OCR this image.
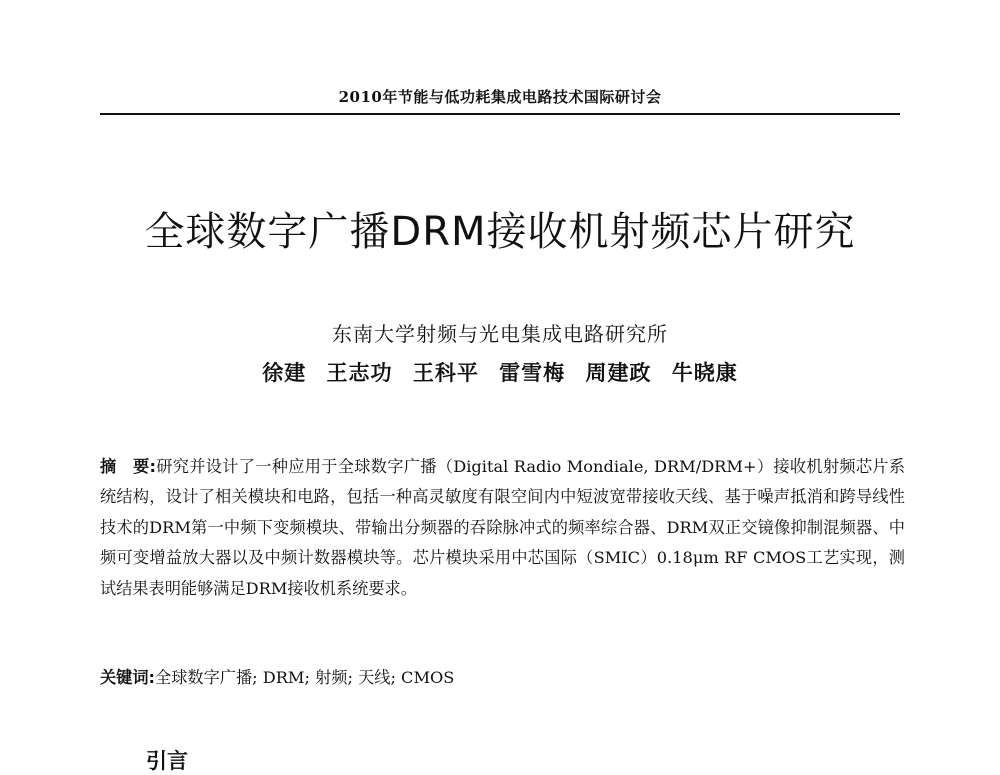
2010年节能与低功耗集成电路技术国际研讨会
全球数字广播DRM接收机射频芯片研究
东南大学射频与光电集成电路研究所
徐建 王志功 王科平 雷雪梅 周建政 牛晓康
摘　要:研究并设计了一种应用于全球数字广播（Digital Radio Mondiale, DRM/DRM+）接收机射频芯片系统结构，设计了相关模块和电路，包括一种高灵敏度有限空间内中短波宽带接收天线、基于噪声抵消和跨导线性技术的DRM第一中频下变频模块、带输出分频器的吞除脉冲式的频率综合器、DRM双正交镜像抑制混频器、中频可变增益放大器以及中频计数器模块等。芯片模块采用中芯国际（SMIC）0.18μm RF CMOS工艺实现，测试结果表明能够满足DRM接收机系统要求。
关键词:全球数字广播; DRM; 射频; 天线; CMOS
引言
